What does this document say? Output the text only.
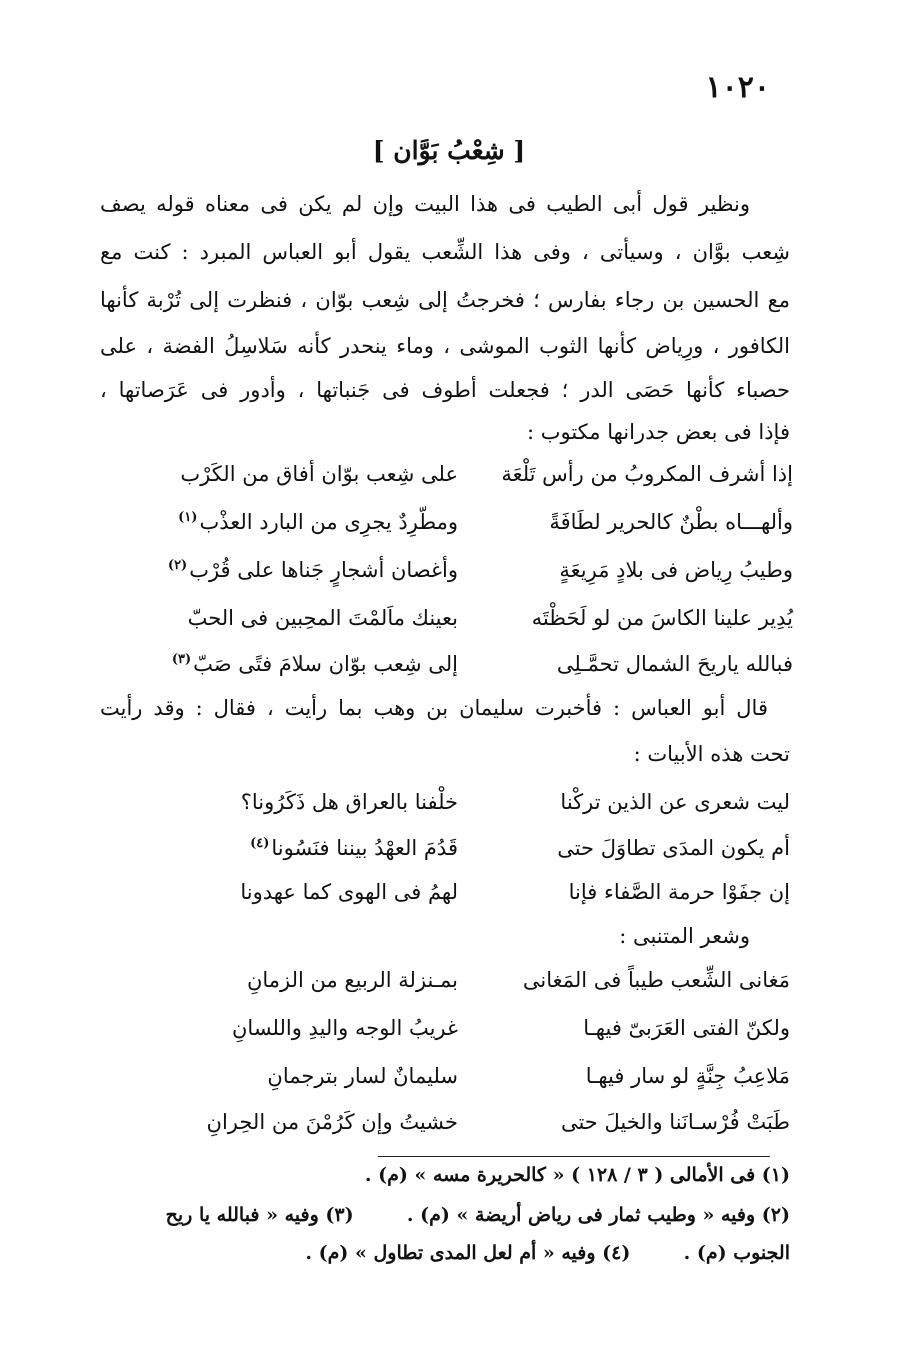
١٠٢٠
[ شِعْبُ بَوَّان ]
ونظير قول أبى الطيب فى هذا البيت وإن لم يكن فى معناه قوله يصف
شِعب بوَّان ، وسيأتى ، وفى هذا الشِّعب يقول أبو العباس المبرد : كنت مع
مع الحسين بن رجاء بفارس ؛ فخرجتُ إلى شِعب بوّان ، فنظرت إلى تُرْبة كأنها
الكافور ، ورِياض كأنها الثوب الموشى ، وماء ينحدر كأنه سَلاسِلُ الفضة ، على
حصباء كأنها حَصَى الدر ؛ فجعلت أطوف فى جَنباتها ، وأدور فى عَرَصاتها ،
فإذا فى بعض جدرانها مكتوب :
إذا أشرف المكروبُ من رأس تَلْعَة
على شِعب بوّان أفاق من الكَرْب
وألهـــاه بطْنٌ كالحرير لطَافَةً
ومطّرِدٌ يجرِى من البارد العذْب$^{(١)}$
وطيبُ رِياض فى بلادٍ مَرِيعَةٍ
وأغصان أشجارٍ جَناها على قُرْب$^{(٢)}$
يُدِير علينا الكاسَ من لو لَحَظْتَه
بعينك ماَلمْتَ المحِبين فى الحبّ
فبالله ياريحَ الشمال تحمَّـلِى
إلى شِعب بوّان سلامَ فتًى صَبّ$^{(٣)}$
قال أبو العباس : فأخبرت سليمان بن وهب بما رأيت ، فقال : وقد رأيت
تحت هذه الأبيات :
ليت شعرى عن الذين تركْنا
خلْفنا بالعراق هل ذَكَرُونا؟
أم يكون المدَى تطاوَلَ حتى
قَدُمَ العهْدُ بيننا فنَسُونا$^{(٤)}$
إن جفَوْا حرمة الصَّفاء فإنا
لهمُ فى الهوى كما عهدونا
وشعر المتنبى :
مَغانى الشِّعب طيباً فى المَغانى
بمـنزلة الربيع من الزمانِ
ولكنّ الفتى العَرَبىّ فيهـا
غريبُ الوجه واليدِ واللسانِ
مَلاعِبُ جِنَّةٍ لو سار فيهـا
سليمانٌ لسار بترجمانِ
طَبَتْ فُرْسـانَنا والخيلَ حتى
خشيتُ وإن كَرُمْنَ من الحِرانِ
(١) فى الأمالى ( ٣ / ١٢٨ ) « كالحريرة مسه » (م) .
(٢) وفيه « وطيب ثمار فى رياض أريضة » (م) .  (٣) وفيه « فبالله يا ريح
الجنوب (م) .  (٤) وفيه « أم لعل المدى تطاول » (م) .
